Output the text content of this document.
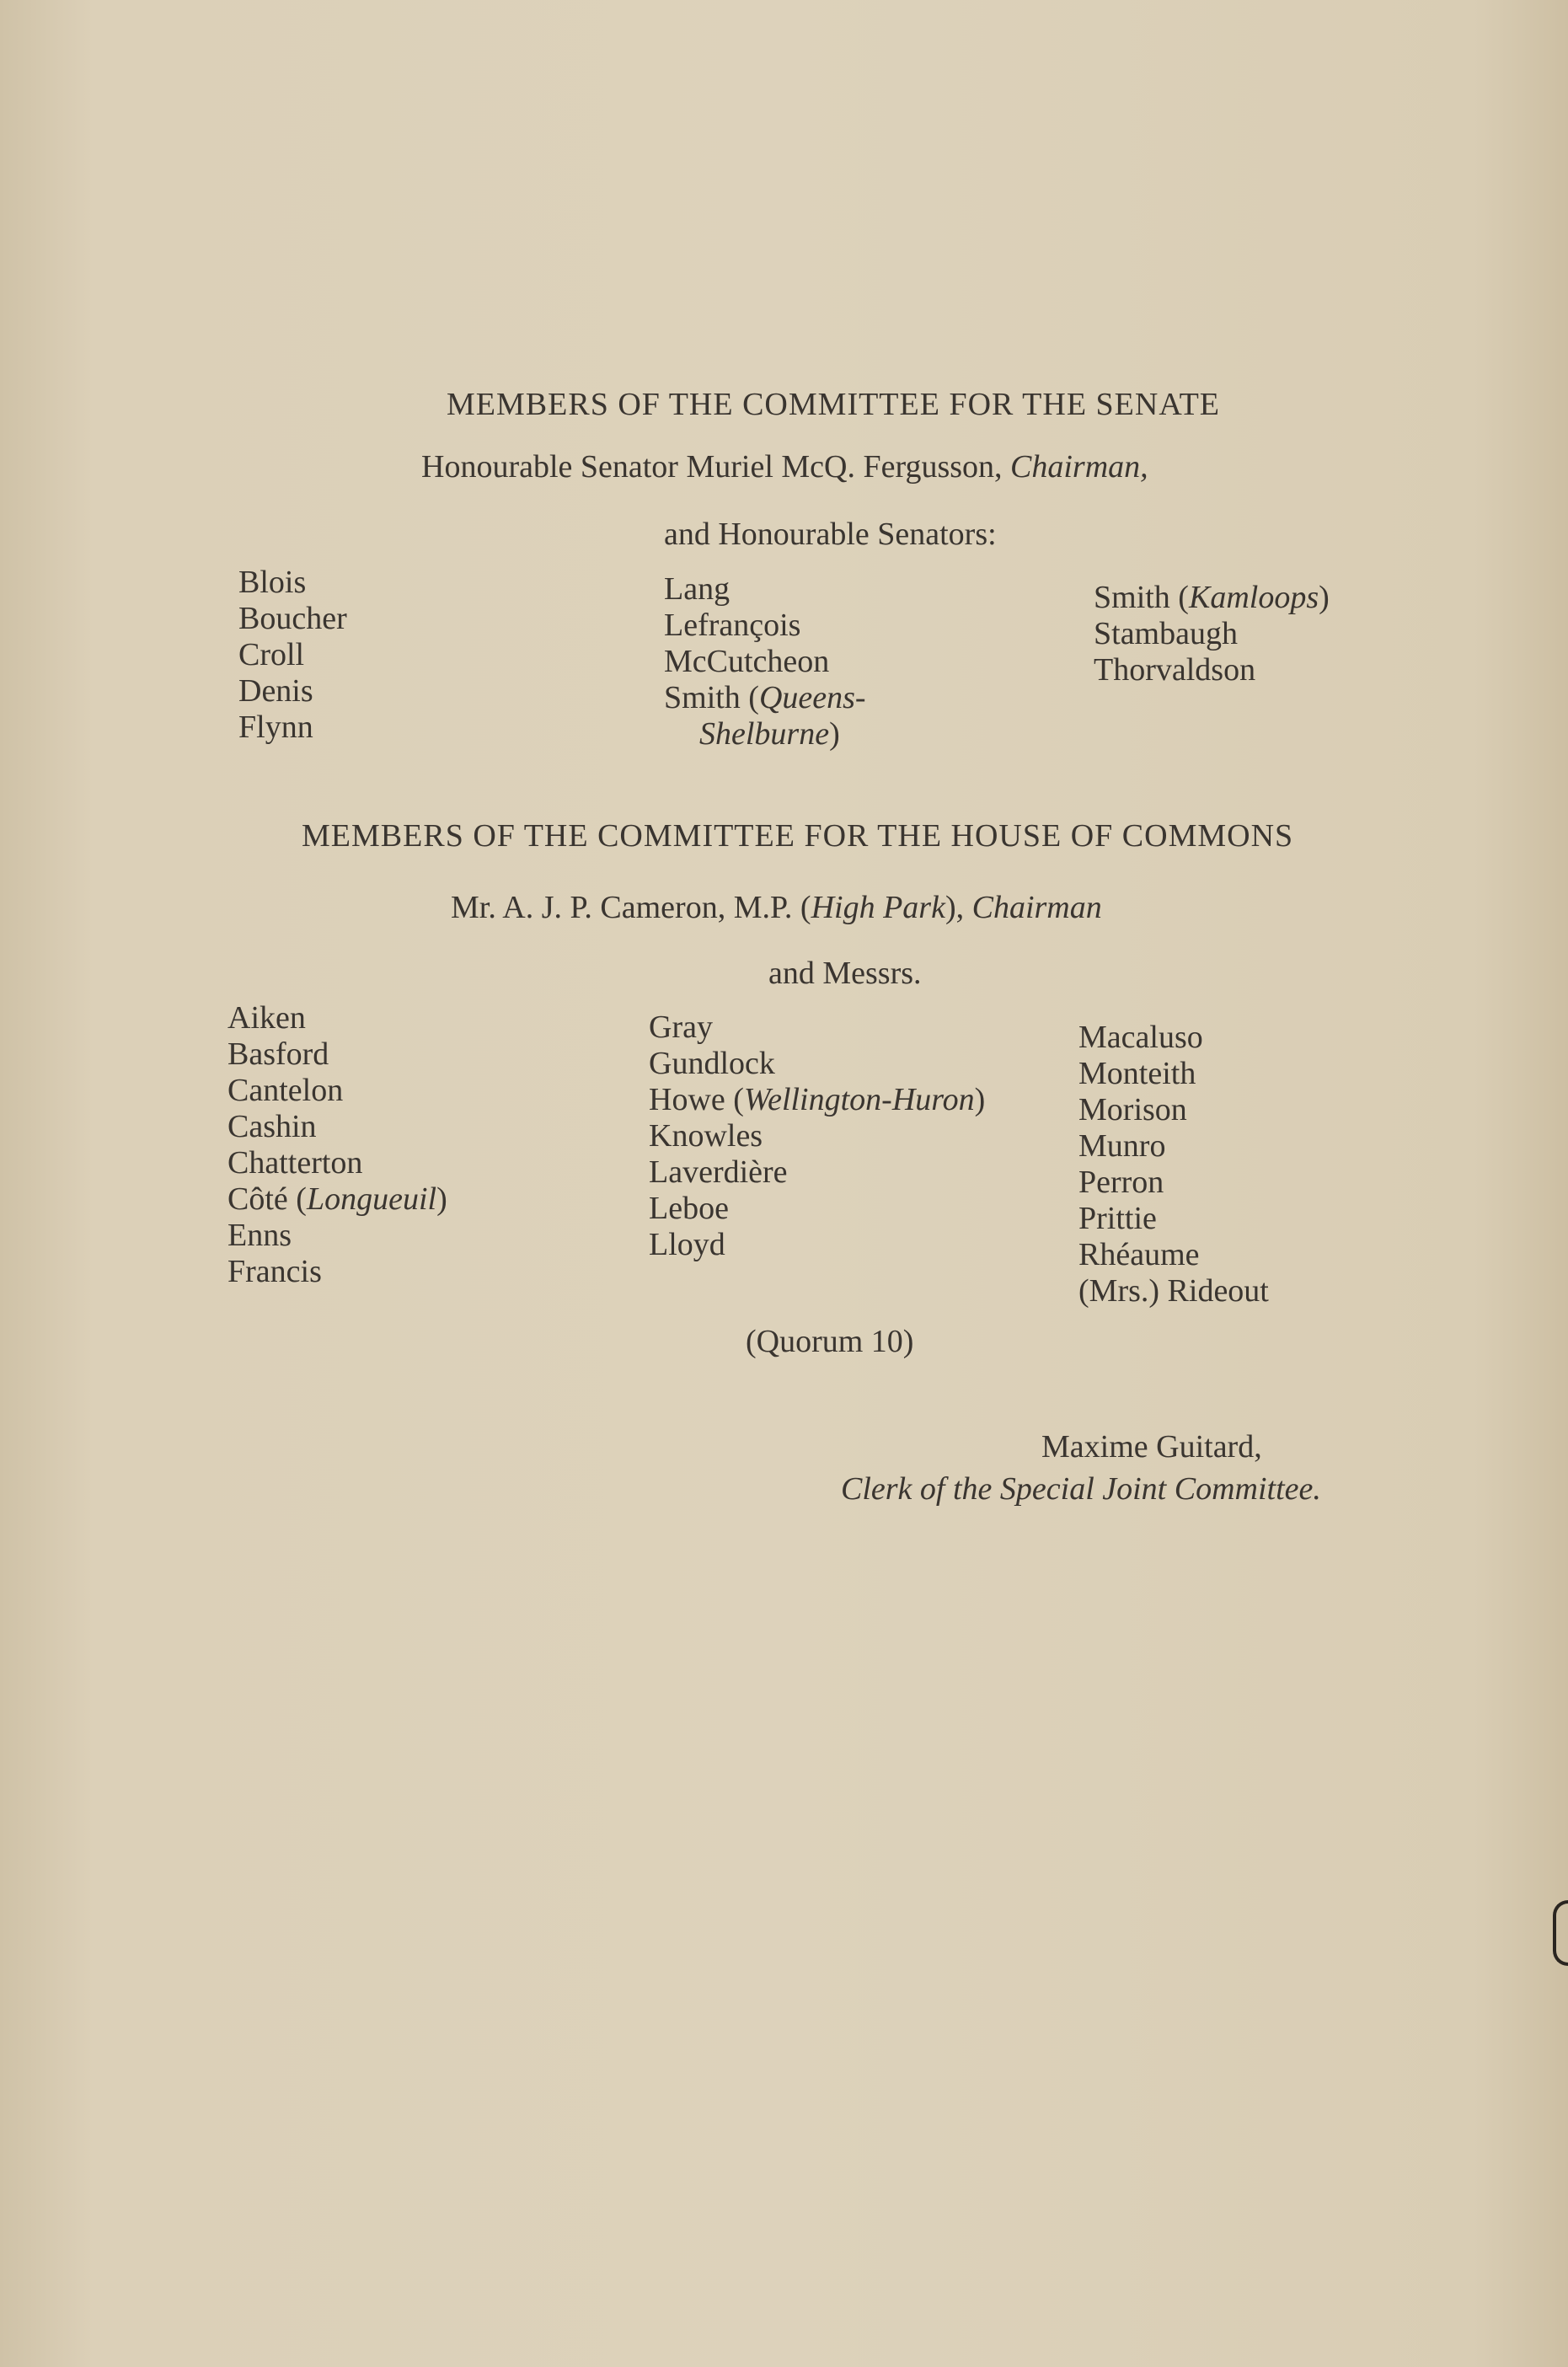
MEMBERS OF THE COMMITTEE FOR THE SENATE
Honourable Senator Muriel McQ. Fergusson, Chairman,
and Honourable Senators:
Blois
Boucher
Croll
Denis
Flynn
Lang
Lefrançois
McCutcheon
Smith (Queens-
Shelburne)
Smith (Kamloops)
Stambaugh
Thorvaldson
MEMBERS OF THE COMMITTEE FOR THE HOUSE OF COMMONS
Mr. A. J. P. Cameron, M.P. (High Park), Chairman
and Messrs.
Aiken
Basford
Cantelon
Cashin
Chatterton
Côté (Longueuil)
Enns
Francis
Gray
Gundlock
Howe (Wellington-Huron)
Knowles
Laverdière
Leboe
Lloyd
Macaluso
Monteith
Morison
Munro
Perron
Prittie
Rhéaume
(Mrs.) Rideout
(Quorum 10)
Maxime Guitard,
Clerk of the Special Joint Committee.
